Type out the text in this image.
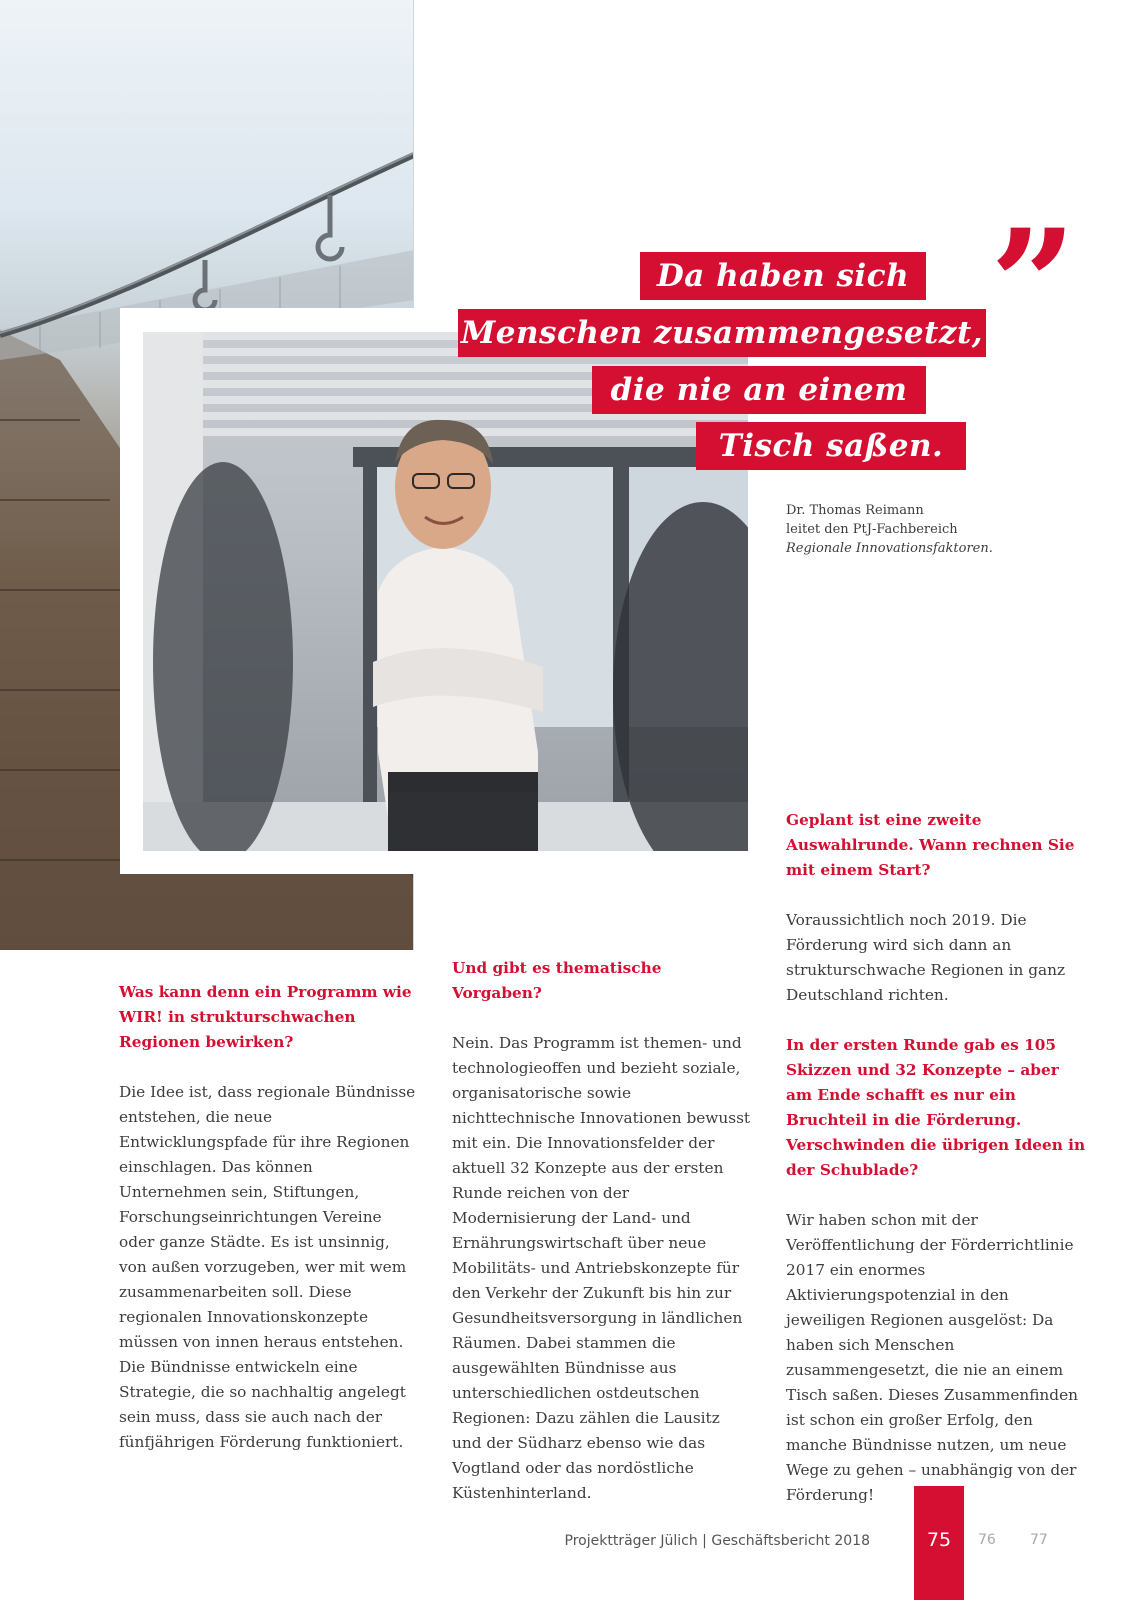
”
Da haben sich
Menschen zusammengesetzt,
die nie an einem
Tisch saßen.
Dr. Thomas Reimann
leitet den PtJ-Fachbereich
Regionale Innovationsfaktoren.
Was kann denn ein Programm wie WIR! in strukturschwachen Regionen bewirken?
Die Idee ist, dass regionale Bündnisse entstehen, die neue Entwicklungspfade für ihre Regionen einschlagen. Das können Unternehmen sein, Stiftungen, Forschungseinrichtungen Vereine oder ganze Städte. Es ist unsinnig, von außen vorzugeben, wer mit wem zusammenarbeiten soll. Diese regionalen Innovationskonzepte müssen von innen heraus entstehen. Die Bündnisse entwickeln eine Strategie, die so nachhaltig angelegt sein muss, dass sie auch nach der fünfjährigen Förderung funktioniert.
Und gibt es thematische Vorgaben?
Nein. Das Programm ist themen- und technologieoffen und bezieht soziale, organisatorische sowie nichttechnische Innovationen bewusst mit ein. Die Innovationsfelder der aktuell 32 Konzepte aus der ersten Runde reichen von der Modernisierung der Land- und Ernährungswirtschaft über neue Mobilitäts- und Antriebskonzepte für den Verkehr der Zukunft bis hin zur Gesundheitsversorgung in ländlichen Räumen. Dabei stammen die ausgewählten Bündnisse aus unterschiedlichen ostdeutschen Regionen: Dazu zählen die Lausitz und der Südharz ebenso wie das Vogtland oder das nordöstliche Küstenhinterland.
Geplant ist eine zweite Auswahlrunde. Wann rechnen Sie mit einem Start?
Voraussichtlich noch 2019. Die Förderung wird sich dann an strukturschwache Regionen in ganz Deutschland richten.
In der ersten Runde gab es 105 Skizzen und 32 Konzepte – aber am Ende schafft es nur ein Bruchteil in die Förderung. Verschwinden die übrigen Ideen in der Schublade?
Wir haben schon mit der Veröffentlichung der Förderrichtlinie 2017 ein enormes Aktivierungspotenzial in den jeweiligen Regionen ausgelöst: Da haben sich Menschen zusammengesetzt, die nie an einem Tisch saßen. Dieses Zusammenfinden ist schon ein großer Erfolg, den manche Bündnisse nutzen, um neue Wege zu gehen – unabhängig von der Förderung!
Projektträger Jülich | Geschäftsbericht 2018	75	76 77
